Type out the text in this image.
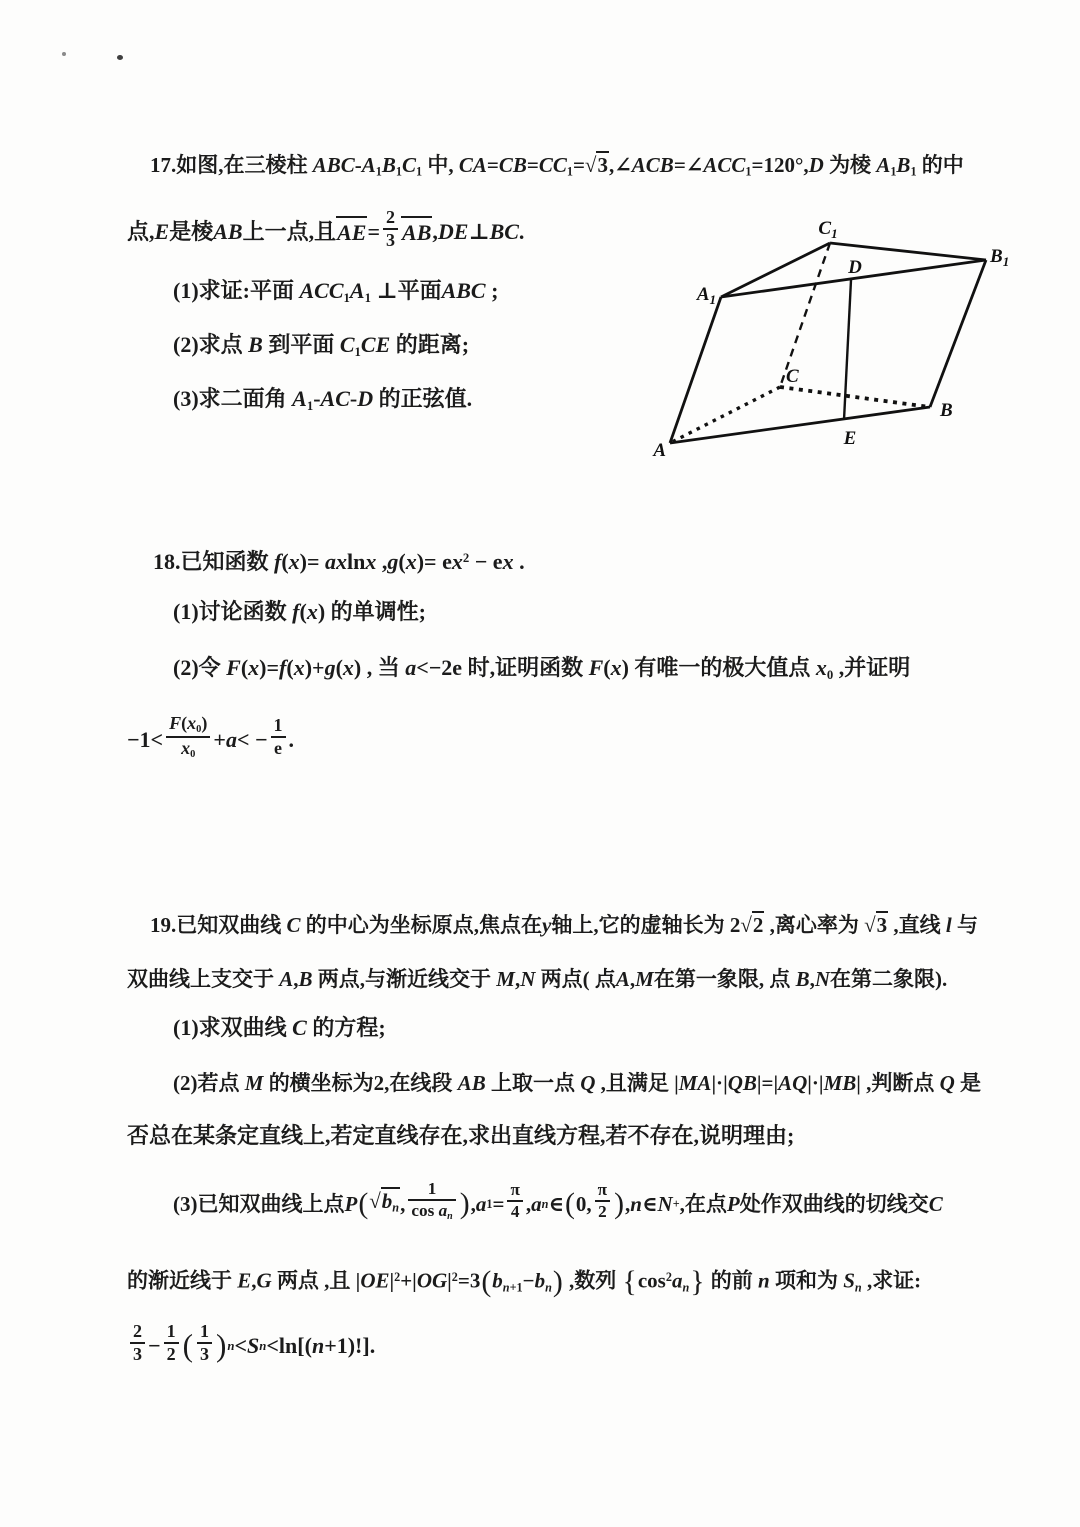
17.如图,在三棱柱 ABC-$A_1B_1C_1$ 中, $CA=CB=CC_1=√3,\angle ACB=\angle ACC_1=120^\circ,D$ 为棱 $A_1B_1$ 的中
点, E 是棱 AB 上一点,且 AE = $\frac{2}{3}$ AB , DE ⊥ BC .
(1)求证:平面 $ACC_1A_1$ ⊥平面ABC ;
(2)求点 B 到平面 $C_1CE$ 的距离;
(3)求二面角 $A_1-AC-D$ 的正弦值.
$C_1$
$B_1$
$A_1$
D
C
B
E
A
18.已知函数 f(x)= axlnx $,g(x)= ex^2$ − ex .
(1)讨论函数 f(x) 的单调性;
(2)令 F(x)=f(x)+g(x) , 当 a<−2e 时,证明函数 F(x) 有唯一的极大值点 $x_0$ ,并证明
$-1< \frac{F(x_0)}{x_0} + a$ < − $\frac{1}{e}$ .
19.已知双曲线 C 的中心为坐标原点,焦点在y轴上,它的虚轴长为 2√2 ,离心率为 √3 ,直线 l 与
双曲线上支交于 A,B 两点,与渐近线交于 M,N 两点( 点A,M在第一象限, 点 B,N在第二象限).
(1)求双曲线 C 的方程;
(2)若点 M 的横坐标为2,在线段 AB 上取一点 Q ,且满足 |MA|·|QB|=|AQ|·|MB| ,判断点 Q 是
否总在某条定直线上,若定直线存在,求出直线方程,若不存在,说明理由;
(3)已知双曲线上点 P ( $√b_n$ , $\frac{1}{\cos a_n}$ ) , a $1 = \frac{\pi}{4}$ , a n ∈ ( 0, $\frac{\pi}{2}$ ) , n ∈ N + ,在点 P 处作双曲线的切线交 C
的渐近线于 E,G 两点 ,且 $|OE|^2+|OG|^2=3(b_{n+1}-b_n)$ ,数列 $\{\cos^2a_n\}$ 的前 n 项和为 $S_n$ ,求证:
$\frac{2}{3} - \frac{1}{2}$ ( $\frac{1}{3}$ ) n < S n <ln[( n +1)!].
